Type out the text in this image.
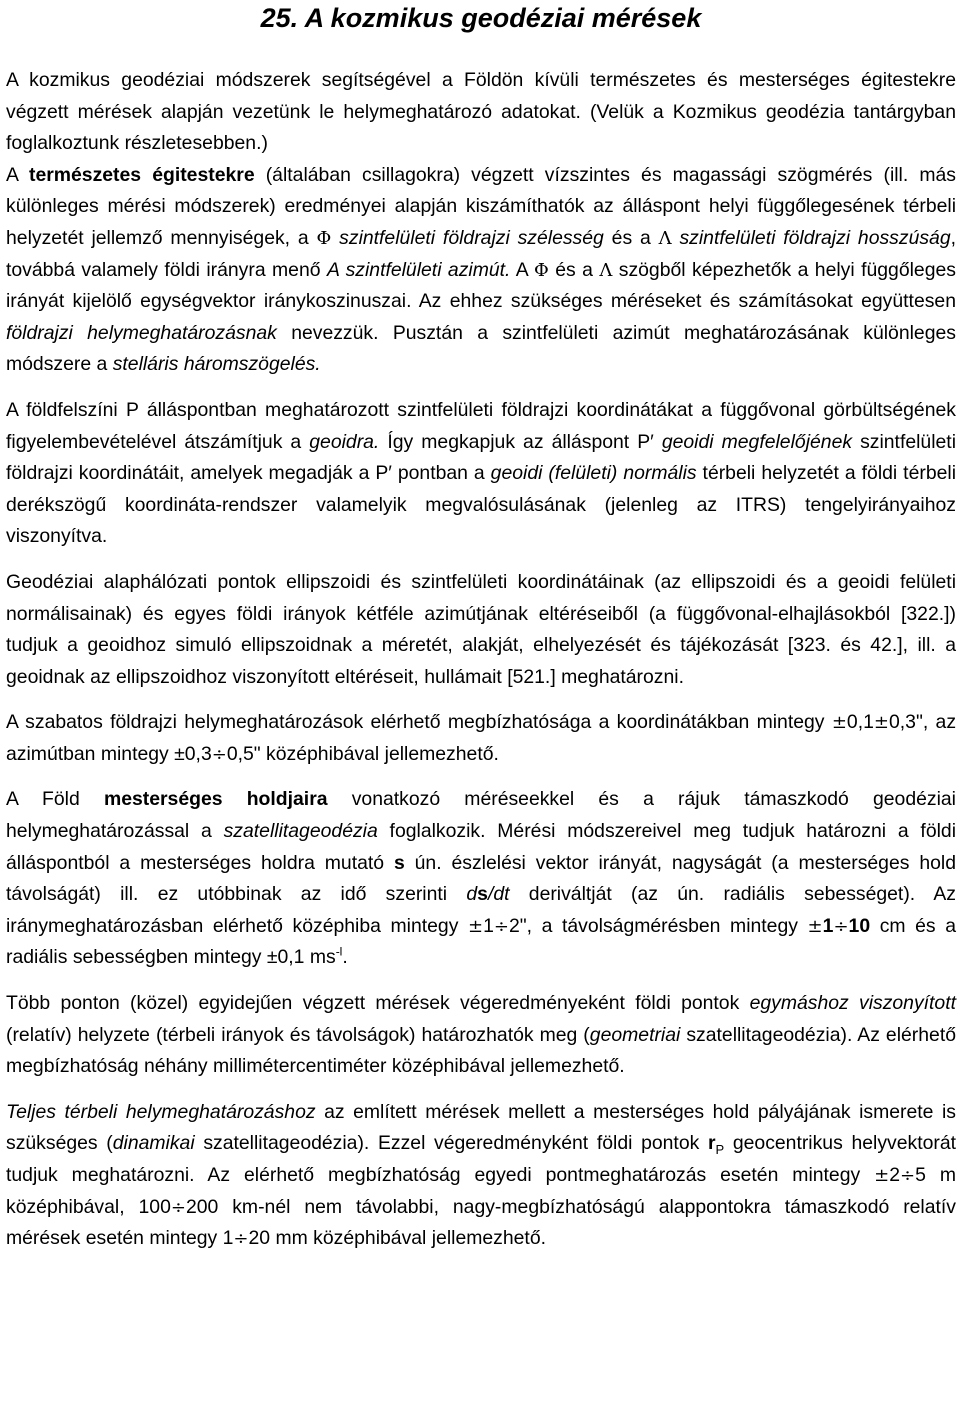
25. A kozmikus geodéziai mérések

A kozmikus geodéziai módszerek segítségével a Földön kívüli természetes és mesterséges égitestekre végzett mérések alapján vezetünk le helymeghatározó adatokat. (Velük a Kozmikus geodézia tantárgyban foglalkoztunk részletesebben.)
A természetes égitestekre (általában csillagokra) végzett vízszintes és magassági szögmérés (ill. más különleges mérési módszerek) eredményei alapján kiszámíthatók az álláspont helyi függőlegesének térbeli helyzetét jellemző mennyiségek, a Φ szintfelületi földrajzi szélesség és a Λ szintfelületi földrajzi hosszúság, továbbá valamely földi irányra menő A szintfelületi azimút. A Φ és a Λ szögből képezhetők a helyi függőleges irányát kijelölő egységvektor iránykoszinuszai. Az ehhez szükséges méréseket és számításokat együttesen földrajzi helymeghatározásnak nevezzük. Pusztán a szintfelületi azimút meghatározásának különleges módszere a stelláris háromszögelés.

A földfelszíni P álláspontban meghatározott szintfelületi földrajzi koordinátákat a függővonal görbültségének figyelembevételével átszámítjuk a geoidra. Így megkapjuk az álláspont P′ geoidi megfelelőjének szintfelületi földrajzi koordinátáit, amelyek megadják a P′ pontban a geoidi (felületi) normális térbeli helyzetét a földi térbeli derékszögű koordináta-rendszer valamelyik megvalósulásának (jelenleg az ITRS) tengelyirányaihoz viszonyítva.

Geodéziai alaphálózati pontok ellipszoidi és szintfelületi koordinátáinak (az ellipszoidi és a geoidi felületi normálisainak) és egyes földi irányok kétféle azimútjának eltéréseiből (a függővonal-elhajlásokból [322.]) tudjuk a geoidhoz simuló ellipszoidnak a méretét, alakját, elhelyezését és tájékozását [323. és 42.], ill. a geoidnak az ellipszoidhoz viszonyított eltéréseit, hullámait [521.] meghatározni.

A szabatos földrajzi helymeghatározások elérhető megbízhatósága a koordinátákban mintegy ±0,1±0,3", az azimútban mintegy ±0,3÷0,5" középhibával jellemezhető.

A Föld mesterséges holdjaira vonatkozó méréseekkel és a rájuk támaszkodó geodéziai helymeghatározással a szatellitageodézia foglalkozik. Mérési módszereivel meg tudjuk határozni a földi álláspontból a mesterséges holdra mutató s ún. észlelési vektor irányát, nagyságát (a mesterséges hold távolságát) ill. ez utóbbinak az idő szerinti ds/dt deriváltját (az ún. radiális sebességet). Az iránymeghatározásban elérhető középhiba mintegy ±1÷2", a távolságmérésben mintegy ±1÷10 cm és a radiális sebességben mintegy ±0,1 $ms^{-l}$.

Több ponton (közel) egyidejűen végzett mérések végeredményeként földi pontok egymáshoz viszonyított (relatív) helyzete (térbeli irányok és távolságok) határozhatók meg (geometriai szatellitageodézia). Az elérhető megbízhatóság néhány millimétercentiméter középhibával jellemezhető.

Teljes térbeli helymeghatározáshoz az említett mérések mellett a mesterséges hold pályájának ismerete is szükséges (dinamikai szatellitageodézia). Ezzel végeredményként földi pontok $r_P$ geocentrikus helyvektorát tudjuk meghatározni. Az elérhető megbízhatóság egyedi pontmeghatározás esetén mintegy ±2÷5 m középhibával, 100÷200 km-nél nem távolabbi, nagy-megbízhatóságú alappontokra támaszkodó relatív mérések esetén mintegy 1÷20 mm középhibával jellemezhető.
